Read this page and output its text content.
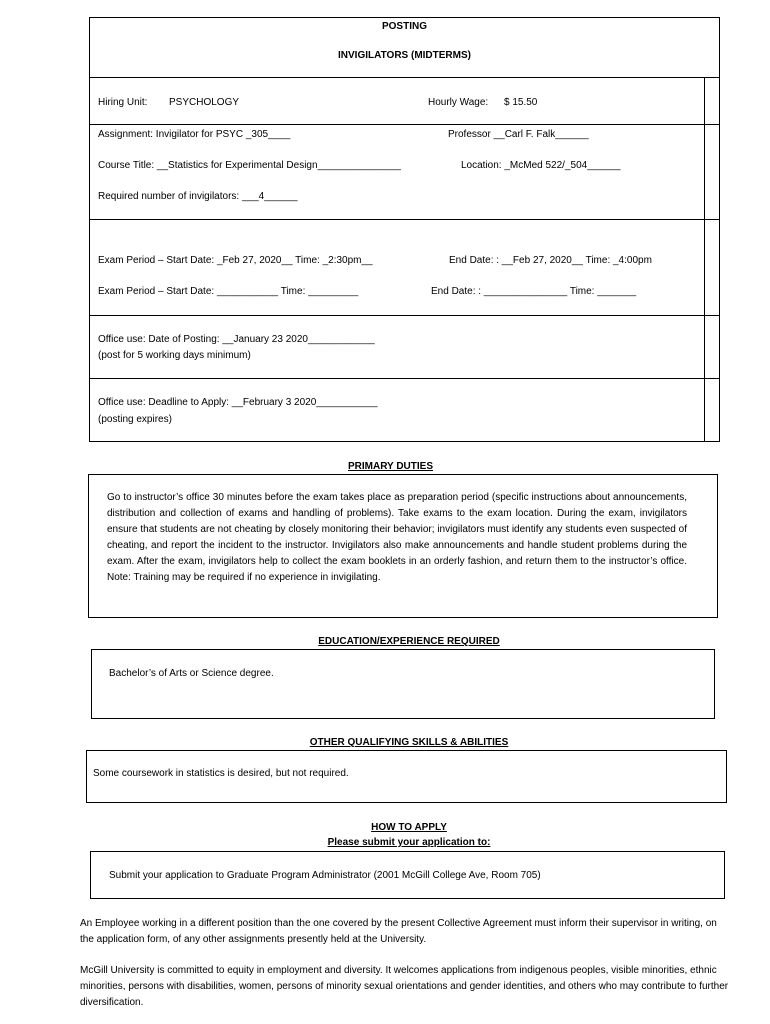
POSTING
INVIGILATORS (MIDTERMS)
Hiring Unit: PSYCHOLOGY	Hourly Wage: $ 15.50
Assignment: Invigilator for PSYC _305____	Professor __Carl F. Falk______
Course Title: __Statistics for Experimental Design_______________	Location: _McMed 522/_504______
Required number of invigilators: ___4______
Exam Period – Start Date: _Feb 27, 2020__ Time: _2:30pm__	End Date: : __Feb 27, 2020__ Time: _4:00pm
Exam Period – Start Date: ___________ Time: _________	End Date: : _______________ Time: _______
Office use: Date of Posting: __January 23 2020____________
(post for 5 working days minimum)
Office use: Deadline to Apply: __February 3 2020___________
(posting expires)
PRIMARY DUTIES
Go to instructor’s office 30 minutes before the exam takes place as preparation period (specific instructions about announcements, distribution and collection of exams and handling of problems). Take exams to the exam location. During the exam, invigilators ensure that students are not cheating by closely monitoring their behavior; invigilators must identify any students even suspected of cheating, and report the incident to the instructor. Invigilators also make announcements and handle student problems during the exam. After the exam, invigilators help to collect the exam booklets in an orderly fashion, and return them to the instructor’s office. Note: Training may be required if no experience in invigilating.
EDUCATION/EXPERIENCE REQUIRED
Bachelor’s of Arts or Science degree.
OTHER QUALIFYING SKILLS & ABILITIES
Some coursework in statistics is desired, but not required.
HOW TO APPLY
Please submit your application to:
Submit your application to Graduate Program Administrator (2001 McGill College Ave, Room 705)
An Employee working in a different position than the one covered by the present Collective Agreement must inform their supervisor in writing, on the application form, of any other assignments presently held at the University.
McGill University is committed to equity in employment and diversity. It welcomes applications from indigenous peoples, visible minorities, ethnic minorities, persons with disabilities, women, persons of minority sexual orientations and gender identities, and others who may contribute to further diversification.
